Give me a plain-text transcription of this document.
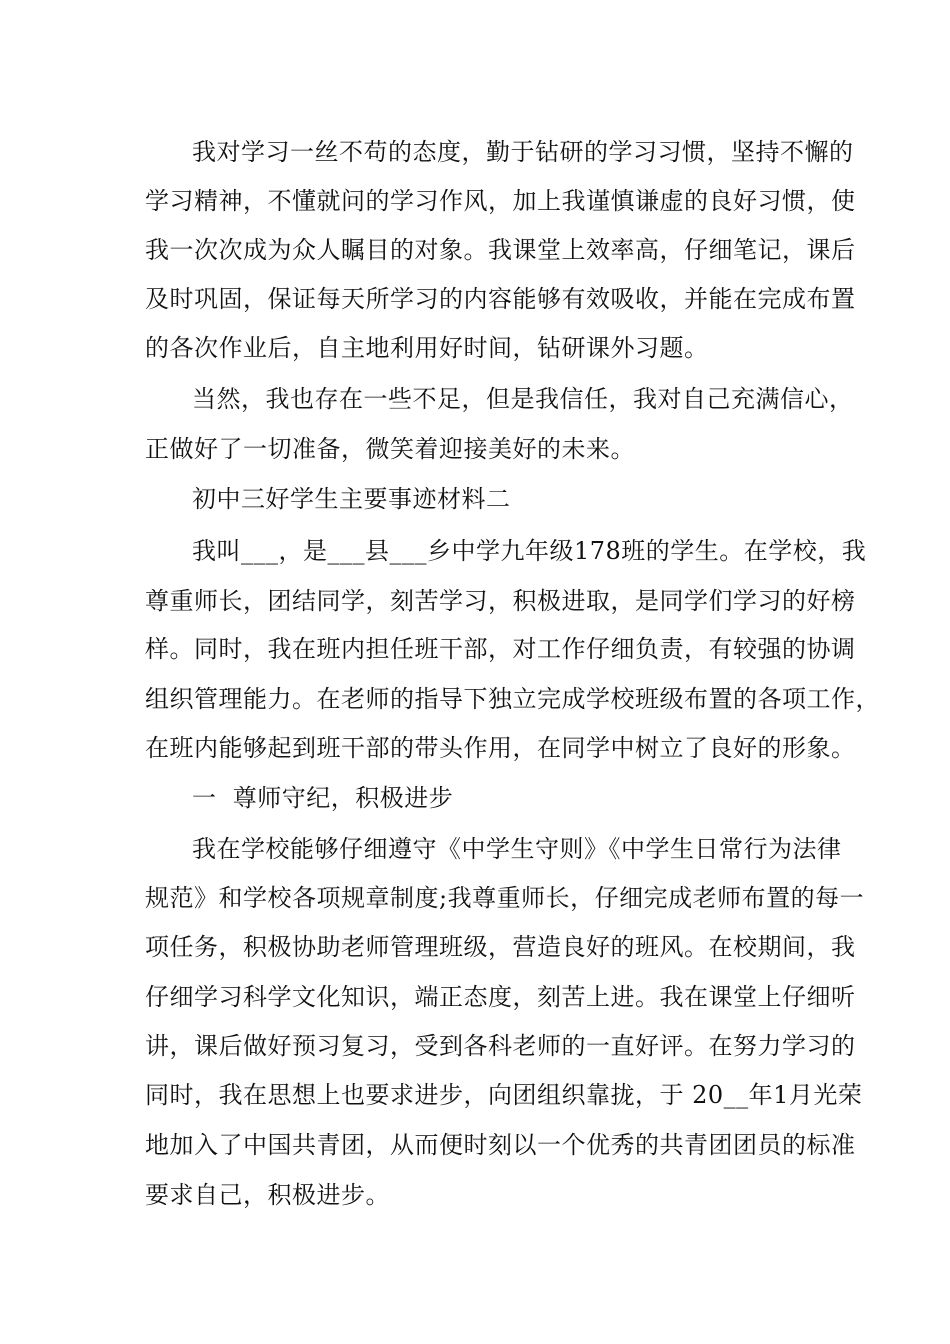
我对学习一丝不苟的态度，勤于钻研的学习习惯，坚持不懈的
学习精神，不懂就问的学习作风，加上我谨慎谦虚的良好习惯，使
我一次次成为众人瞩目的对象。我课堂上效率高，仔细笔记，课后
及时巩固，保证每天所学习的内容能够有效吸收，并能在完成布置
的各次作业后，自主地利用好时间，钻研课外习题。
当然，我也存在一些不足，但是我信任，我对自己充满信心，
正做好了一切准备，微笑着迎接美好的未来。
初中三好学生主要事迹材料二
我叫___，是___县___乡中学九年级178班的学生。在学校，我
尊重师长，团结同学，刻苦学习，积极进取，是同学们学习的好榜
样。同时，我在班内担任班干部，对工作仔细负责，有较强的协调
组织管理能力。在老师的指导下独立完成学校班级布置的各项工作，
在班内能够起到班干部的带头作用，在同学中树立了良好的形象。
一  尊师守纪，积极进步
我在学校能够仔细遵守《中学生守则》《中学生日常行为法律
规范》和学校各项规章制度;我尊重师长，仔细完成老师布置的每一
项任务，积极协助老师管理班级，营造良好的班风。在校期间，我
仔细学习科学文化知识，端正态度，刻苦上进。我在课堂上仔细听
讲，课后做好预习复习，受到各科老师的一直好评。在努力学习的
同时，我在思想上也要求进步，向团组织靠拢，于 20__年1月光荣
地加入了中国共青团，从而便时刻以一个优秀的共青团团员的标准
要求自己，积极进步。
